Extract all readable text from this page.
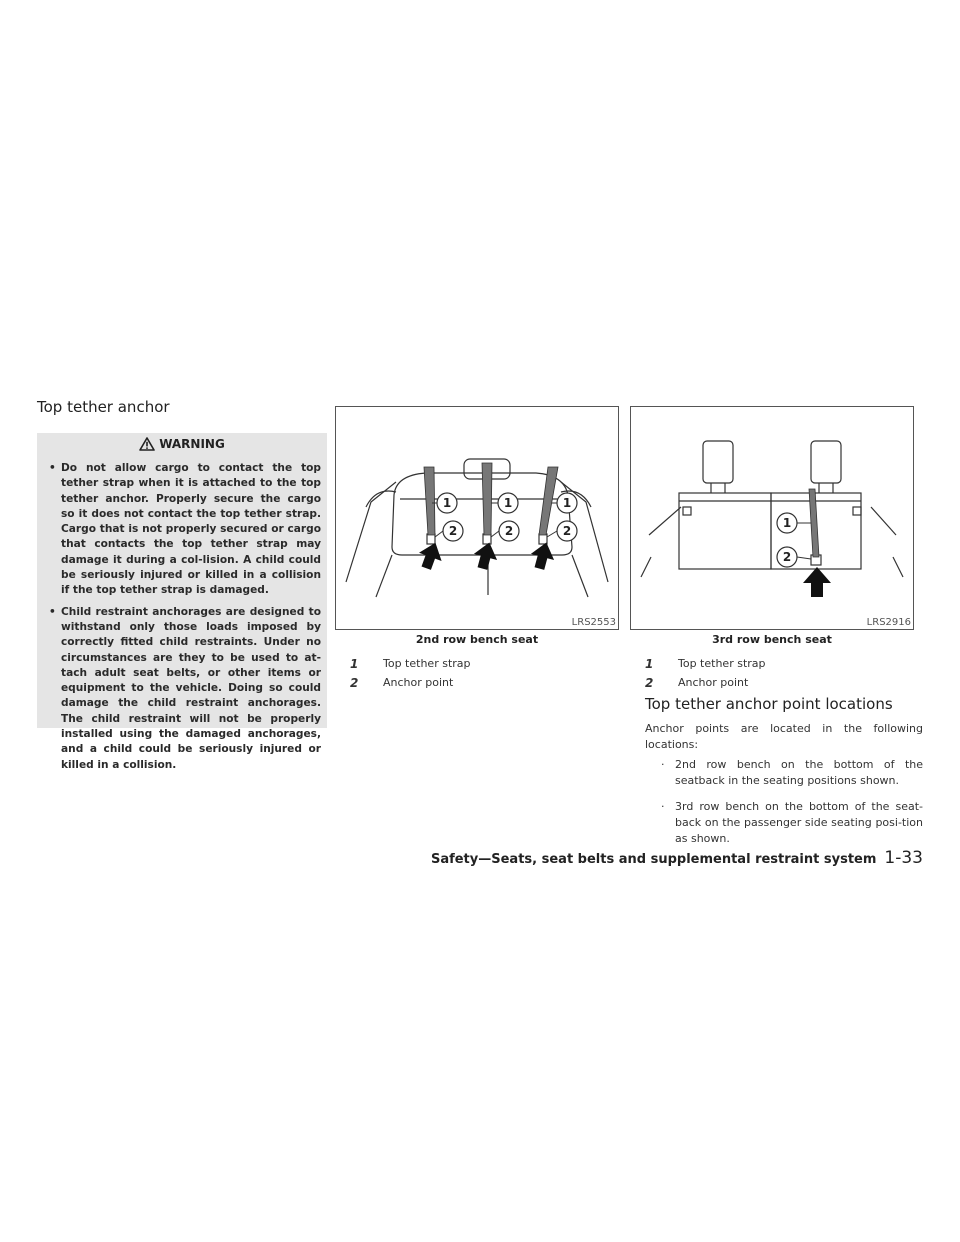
Top tether anchor
WARNING
• Do not allow cargo to contact the top tether strap when it is attached to the top tether anchor. Properly secure the cargo so it does not contact the top tether strap. Cargo that is not properly secured or cargo that contacts the top tether strap may damage it during a col-lision. A child could be seriously injured or killed in a collision if the top tether strap is damaged.
• Child restraint anchorages are designed to withstand only those loads imposed by correctly fitted child restraints. Under no circumstances are they to be used to at-tach adult seat belts, or other items or equipment to the vehicle. Doing so could damage the child restraint anchorages. The child restraint will not be properly installed using the damaged anchorages, and a child could be seriously injured or killed in a collision.
1
2
1
2
1
2
LRS2553
2nd row bench seat
1	Top tether strap
2	Anchor point
1
2
LRS2916
3rd row bench seat
1	Top tether strap
2	Anchor point
Top tether anchor point locations
Anchor points are located in the following locations:
· 2nd row bench on the bottom of the seatback in the seating positions shown.
· 3rd row bench on the bottom of the seat-back on the passenger side seating posi-tion as shown.
Safety—Seats, seat belts and supplemental restraint system 1-33
